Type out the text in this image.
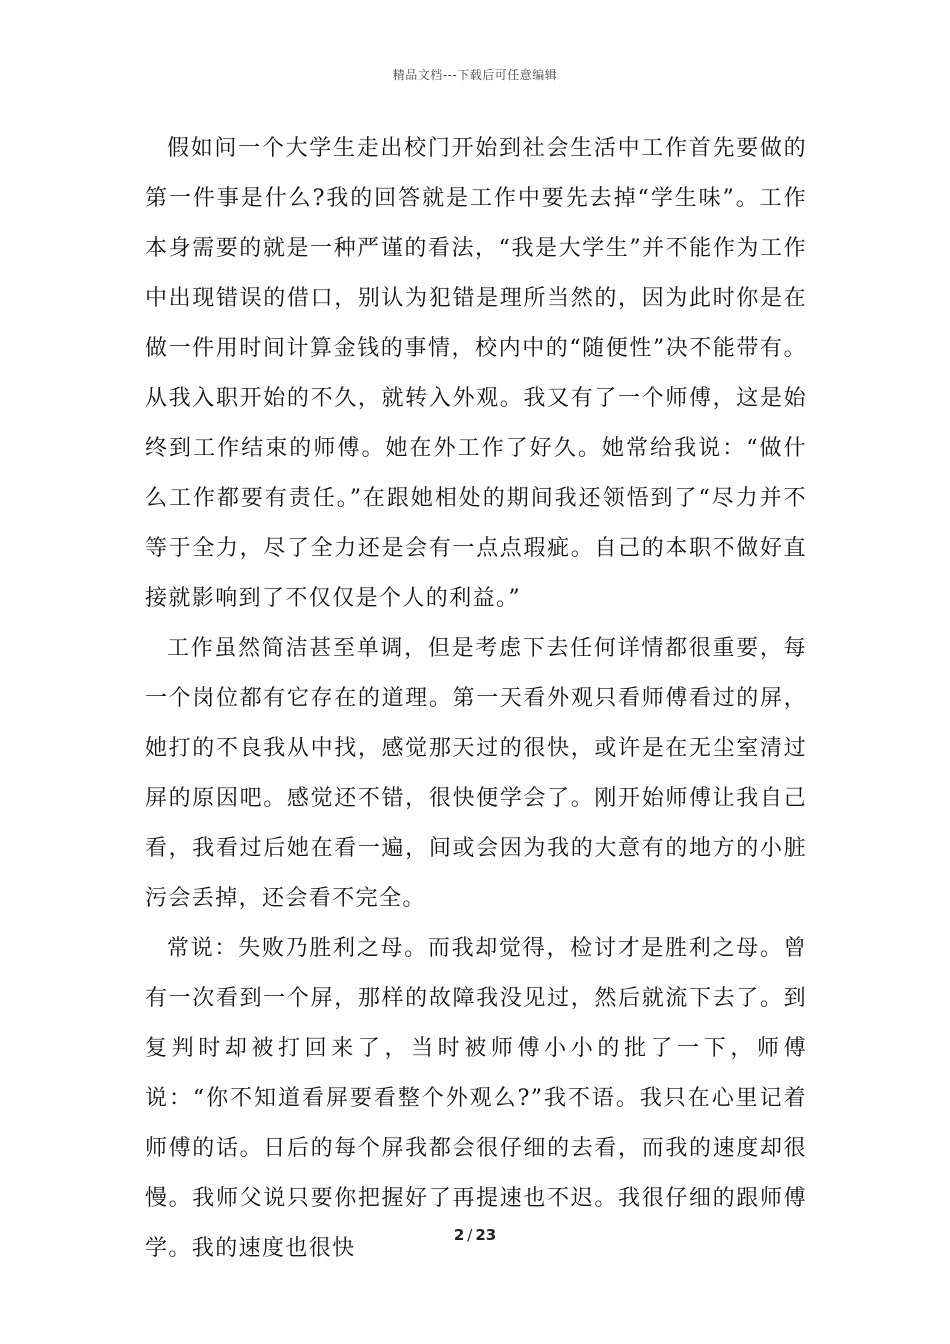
精品文档---下载后可任意编辑

假如问一个大学生走出校门开始到社会生活中工作首先要做的第一件事是什么?我的回答就是工作中要先去掉“学生味”。工作本身需要的就是一种严谨的看法，“我是大学生”并不能作为工作中出现错误的借口，别认为犯错是理所当然的，因为此时你是在做一件用时间计算金钱的事情，校内中的“随便性”决不能带有。从我入职开始的不久，就转入外观。我又有了一个师傅，这是始终到工作结束的师傅。她在外工作了好久。她常给我说：“做什么工作都要有责任。”在跟她相处的期间我还领悟到了“尽力并不等于全力，尽了全力还是会有一点点瑕疵。自己的本职不做好直接就影响到了不仅仅是个人的利益。”

工作虽然简洁甚至单调，但是考虑下去任何详情都很重要，每一个岗位都有它存在的道理。第一天看外观只看师傅看过的屏，她打的不良我从中找，感觉那天过的很快，或许是在无尘室清过屏的原因吧。感觉还不错，很快便学会了。刚开始师傅让我自己看，我看过后她在看一遍，间或会因为我的大意有的地方的小脏污会丢掉，还会看不完全。

常说：失败乃胜利之母。而我却觉得，检讨才是胜利之母。曾有一次看到一个屏，那样的故障我没见过，然后就流下去了。到复判时却被打回来了，当时被师傅小小的批了一下，师傅说：“你不知道看屏要看整个外观么?”我不语。我只在心里记着师傅的话。日后的每个屏我都会很仔细的去看，而我的速度却很慢。我师父说只要你把握好了再提速也不迟。我很仔细的跟师傅学。我的速度也很快

2 / 23
